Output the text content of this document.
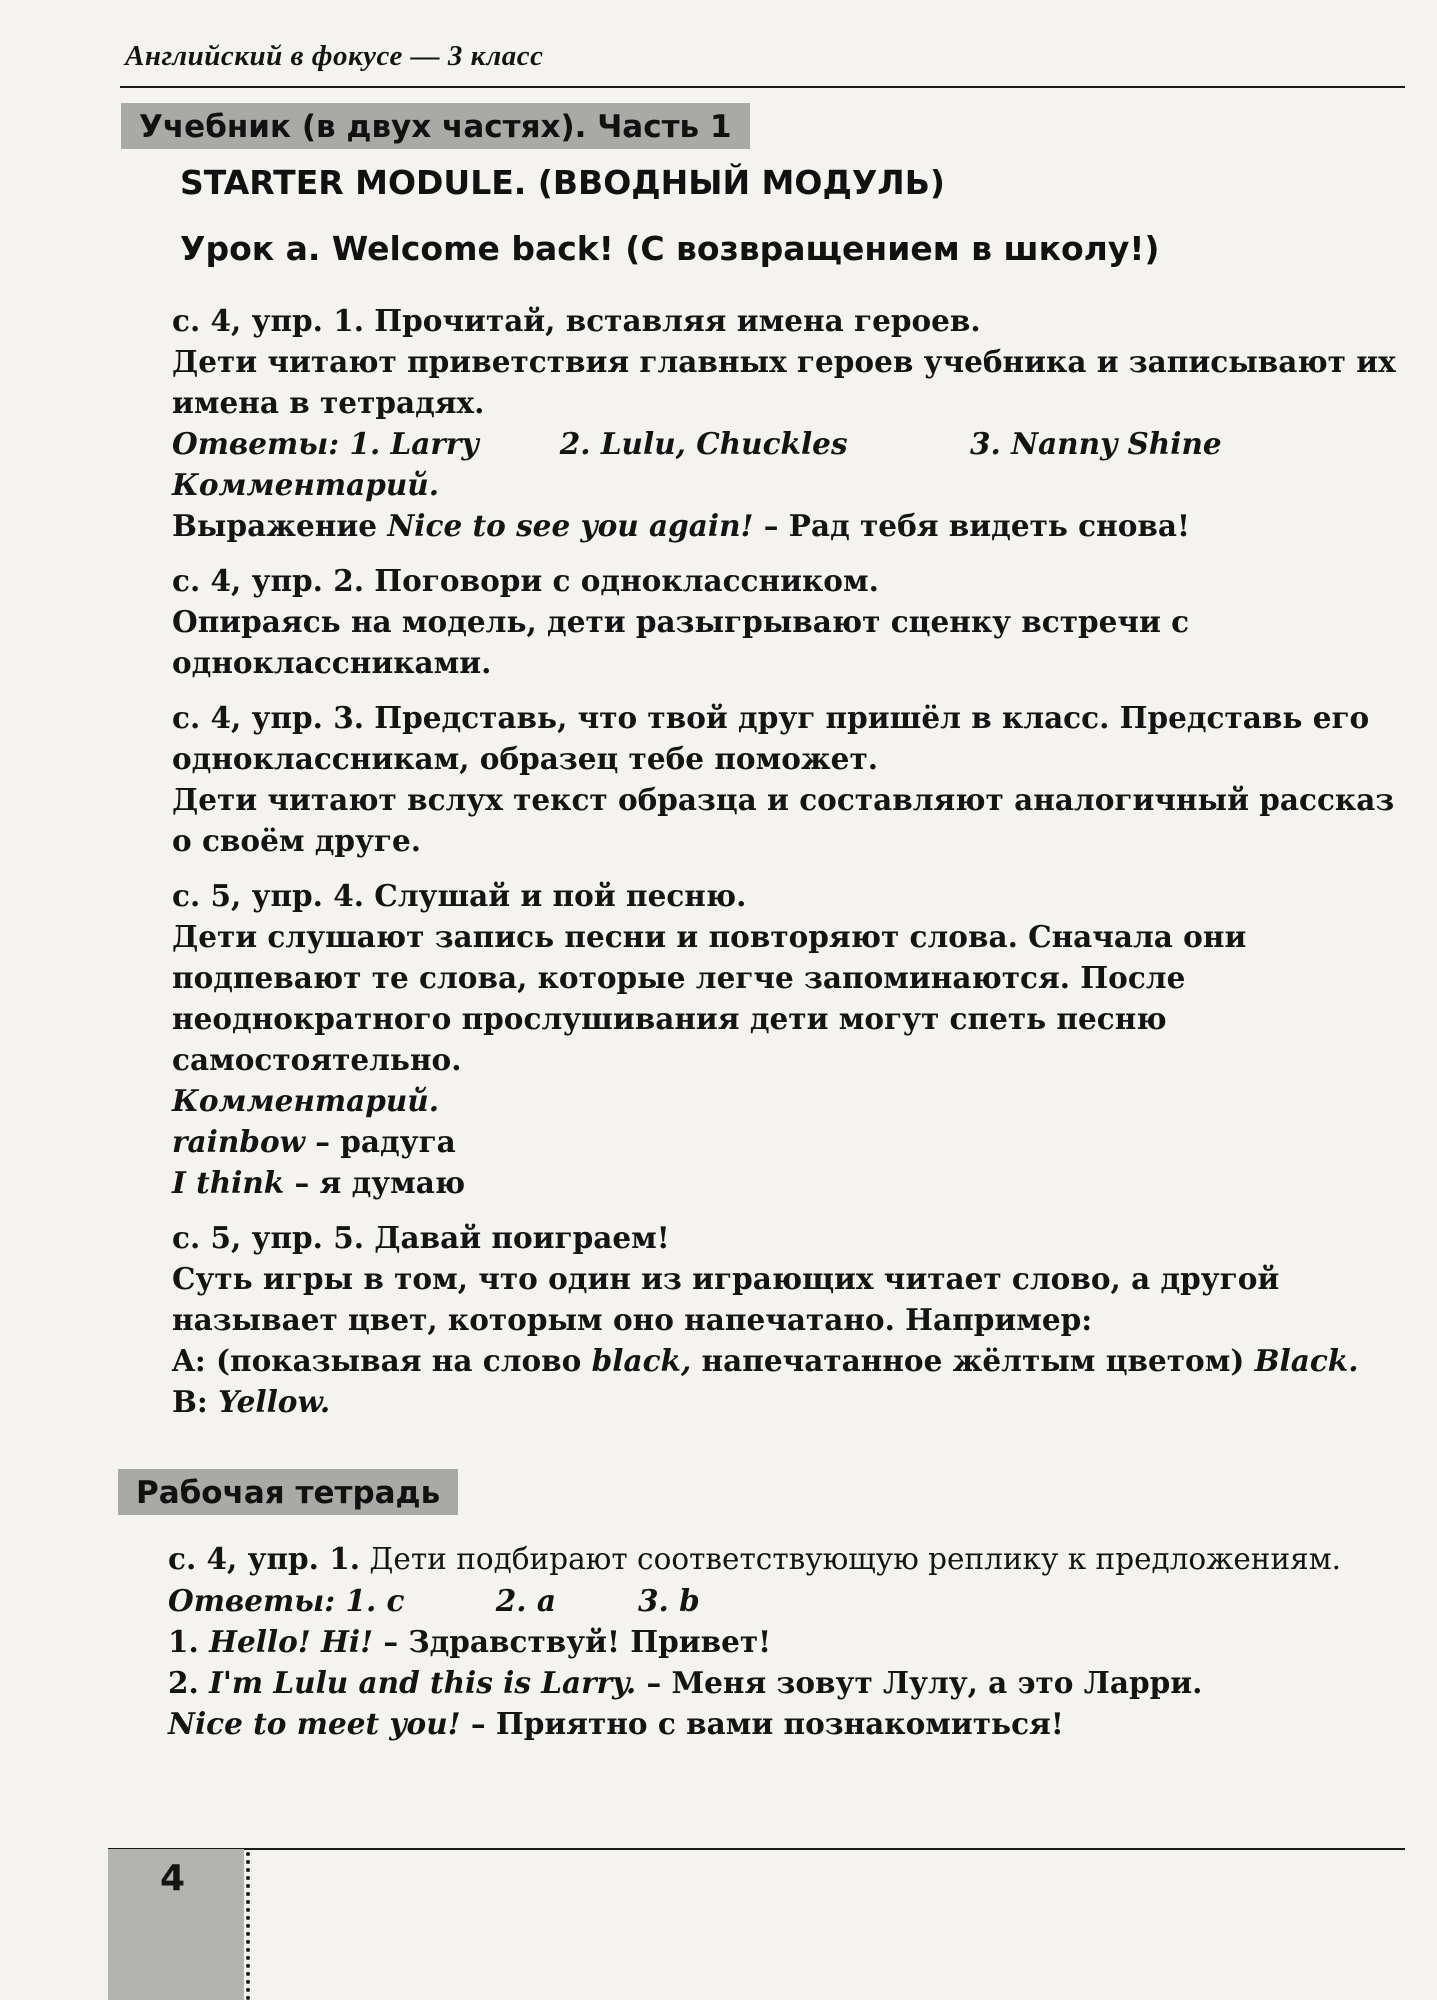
Английский в фокусе — 3 класс
Учебник (в двух частях). Часть 1
STARTER MODULE. (ВВОДНЫЙ МОДУЛЬ)
Урок a. Welcome back! (С возвращением в школу!)

с. 4, упр. 1. Прочитай, вставляя имена героев.

Дети читают приветствия главных героев учебника и записывают их имена в тетрадях.

Ответы: 1. Larry	2. Lulu, Chuckles	3. Nanny Shine

Комментарий.

Выражение Nice to see you again! – Рад тебя видеть снова!

с. 4, упр. 2. Поговори с одноклассником.

Опираясь на модель, дети разыгрывают сценку встречи с одноклассниками.

с. 4, упр. 3. Представь, что твой друг пришёл в класс. Представь его одноклассникам, образец тебе поможет.

Дети читают вслух текст образца и составляют аналогичный рассказ о своём друге.

с. 5, упр. 4. Слушай и пой песню.

Дети слушают запись песни и повторяют слова. Сначала они подпевают те слова, которые легче запоминаются. После неоднократного прослушивания дети могут спеть песню самостоятельно.

Комментарий.

rainbow – радуга

I think – я думаю

с. 5, упр. 5. Давай поиграем!

Суть игры в том, что один из играющих читает слово, а другой называет цвет, которым оно напечатано. Например:

A: (показывая на слово black, напечатанное жёлтым цветом) Black.

B: Yellow.

Рабочая тетрадь

с. 4, упр. 1. Дети подбирают соответствующую реплику к предложениям.

Ответы: 1. c	2. a	3. b

1. Hello! Hi! – Здравствуй! Привет!

2. I'm Lulu and this is Larry. – Меня зовут Лулу, а это Ларри.

Nice to meet you! – Приятно с вами познакомиться!

4
